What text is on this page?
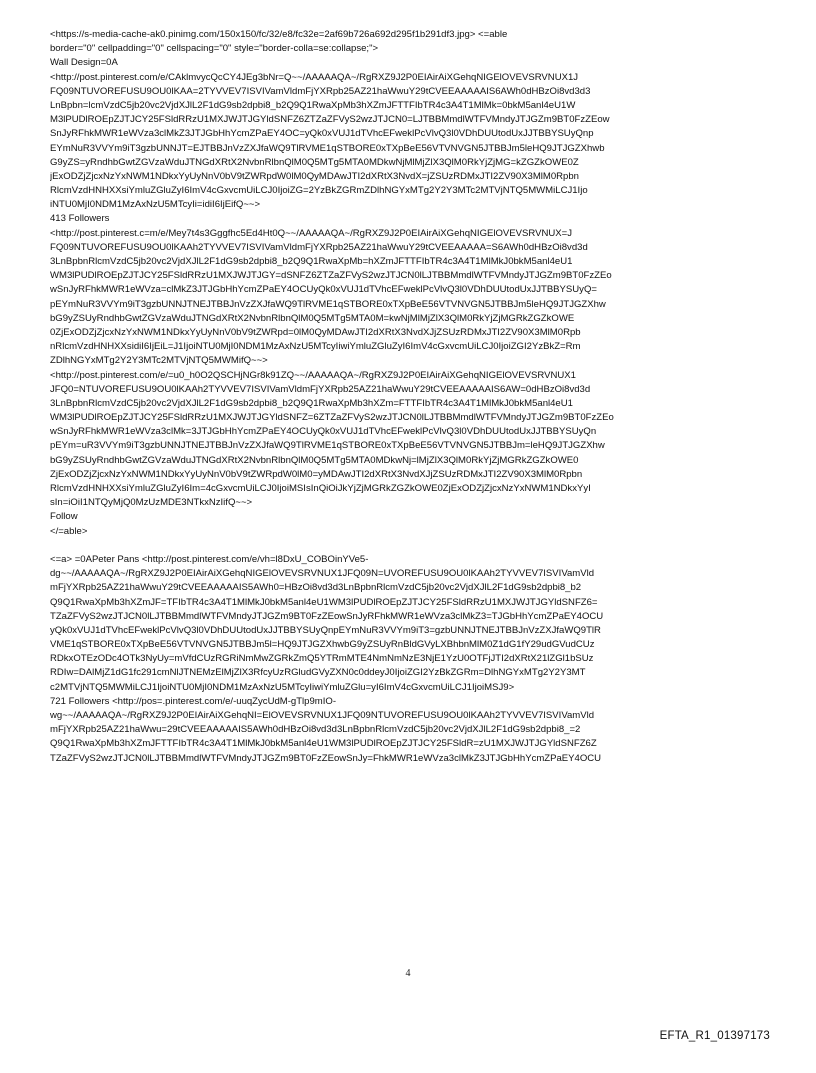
<https://s-media-cache-ak0.pinimg.com/150x150/fc/32/e8/fc32e=2af69b726a692d295f1b291df3.jpg> <=able
border="0" cellpadding="0" cellspacing="0" style="border-colla=se:collapse;">
Wall Design=0A
<http://post.pinterest.com/e/CAklmvycQcCY4JEg3bNr=Q~~/AAAAAQA~/RgRXZ9J2P0EIAirAiXGehqNIGElOVEVSRVNUX1J
FQ09NTUVOREFUSU9OU0lKAA=2TYVVEV7ISVIVamVldmFjYXRpb25AZ21haWwuY29tCVEEAAAAAIS6AWh0dHBzOi8vd3d3
LnBpbn=lcmVzdC5jb20vc2VjdXJlL2F1dG9sb2dpbi8_b2Q9Q1RwaXpMb3hXZmJFTTFIbTR4c3A4T1MlMk=0bkM5anl4eU1W
M3lPUDlROEpZJTJCY25FSldRRzU1MXJWJTJGYldSNFZ6ZTZaZFVyS2wzJTJCN0=LJTBBMmdlWTFVMndyJTJGZm9BT0FzZEow
SnJyRFhkMWR1eWVza3clMkZ3JTJGbHhYcmZPaEY4OC=yQk0xVUJ1dTVhcEFweklPcVlvQ3l0VDhDUUtodUxJJTBBYSUyQnp
EYmNuR3VVYm9iT3gzbUNNJT=EJTBBJnVzZXJfaWQ9TlRVME1qSTBORE0xTXpBeE56VTVNVGN5JTBBJm5leHQ9JTJGZXhwb
G9yZS=yRndhbGwtZGVzaWduJTNGdXRtX2NvbnRlbnQlM0Q5MTg5MTA0MDkwNjMlMjZlX3QlM0RkYjZjMG=kZGZkOWE0Z
jExODZjZjcxNzYxNWM1NDkxYyUyNnV0bV9tZWRpdW0lM0QyMDAwJTI2dXRtX3NvdX=jZSUzRDMxJTI2ZV90X3MlM0Rpbn
RlcmVzdHNHXXsiYmluZGluZyI6ImV4cGxvcmUiLCJ0IjoiZG=2YzBkZGRmZDlhNGYxMTg2Y2Y3MTc2MTVjNTQ5MWMiLCJ1Ijo
iNTU0MjI0NDM1MzAxNzU5MTcyIi=idiI6IjEifQ~~>
413 Followers
<http://post.pinterest.c=m/e/Mey7t4s3Gggfhc5Ed4Ht0Q~~/AAAAAQA~/RgRXZ9J2P0EIAirAiXGehqNIGElOVEVSRVNUX=J
FQ09NTUVOREFUSU9OU0lKAAh2TYVVEV7ISVIVamVldmFjYXRpb25AZ21haWwuY29tCVEEAAAAA=S6AWh0dHBzOi8vd3d
3LnBpbnRlcmVzdC5jb20vc2VjdXJlL2F1dG9sb2dpbi8_b2Q9Q1RwaXpMb=hXZmJFTTFIbTR4c3A4T1MlMkJ0bkM5anl4eU1
WM3lPUDlROEpZJTJCY25FSldRRzU1MXJWJTJGY=dSNFZ6ZTZaZFVyS2wzJTJCN0lLJTBBMmdlWTFVMndyJTJGZm9BT0FzZEo
wSnJyRFhkMWR1eWVza=clMkZ3JTJGbHhYcmZPaEY4OCUyQk0xVUJ1dTVhcEFweklPcVlvQ3l0VDhDUUtodUxJJTBBYSUyQ=
pEYmNuR3VVYm9iT3gzbUNNJTNEJTBBJnVzZXJfaWQ9TlRVME1qSTBORE0xTXpBeE56VTVNVGN5JTBBJm5leHQ9JTJGZXhw
bG9yZSUyRndhbGwtZGVzaWduJTNGdXRtX2NvbnRlbnQlM0Q5MTg5MTA0M=kwNjMlMjZlX3QlM0RkYjZjMGRkZGZkOWE
0ZjExODZjZjcxNzYxNWM1NDkxYyUyNnV0bV9tZWRpd=0lM0QyMDAwJTI2dXRtX3NvdXJjZSUzRDMxJTI2ZV90X3MlM0Rpb
nRlcmVzdHNHXXsidiI6IjEiL=J1IjoiNTU0MjI0NDM1MzAxNzU5MTcyIiwiYmluZGluZyI6ImV4cGxvcmUiLCJ0IjoiZGI2YzBkZ=Rm
ZDlhNGYxMTg2Y2Y3MTc2MTVjNTQ5MWMifQ~~>
<http://post.pinterest.com/e/=u0_h0O2QSCHjNGr8k91ZQ~~/AAAAAQA~/RgRXZ9J2P0EIAirAiXGehqNIGElOVEVSRVNUX1
JFQ0=NTUVOREFUSU9OU0lKAAh2TYVVEV7ISVIVamVldmFjYXRpb25AZ21haWwuY29tCVEEAAAAAIS6AW=0dHBzOi8vd3d
3LnBpbnRlcmVzdC5jb20vc2VjdXJlL2F1dG9sb2dpbi8_b2Q9Q1RwaXpMb3hXZm=FTTFIbTR4c3A4T1MlMkJ0bkM5anl4eU1
WM3lPUDlROEpZJTJCY25FSldRRzU1MXJWJTJGYldSNFZ=6ZTZaZFVyS2wzJTJCN0lLJTBBMmdlWTFVMndyJTJGZm9BT0FzZEo
wSnJyRFhkMWR1eWVza3clMk=3JTJGbHhYcmZPaEY4OCUyQk0xVUJ1dTVhcEFweklPcVlvQ3l0VDhDUUtodUxJJTBBYSUyQn
pEYm=uR3VVYm9iT3gzbUNNJTNEJTBBJnVzZXJfaWQ9TlRVME1qSTBORE0xTXpBeE56VTVNVGN5JTBBJm=leHQ9JTJGZXhw
bG9yZSUyRndhbGwtZGVzaWduJTNGdXRtX2NvbnRlbnQlM0Q5MTg5MTA0MDkwNj=lMjZlX3QlM0RkYjZjMGRkZGZkOWE0
ZjExODZjZjcxNzYxNWM1NDkxYyUyNnV0bV9tZWRpdW0lM0=yMDAwJTI2dXRtX3NvdXJjZSUzRDMxJTI2ZV90X3MlM0Rpbn
RlcmVzdHNHXXsiYmluZGluZyI6Im=4cGxvcmUiLCJ0IjoiMSIsInQiOiJkYjZjMGRkZGZkOWE0ZjExODZjZjcxNzYxNWM1NDkxYyI
sIn=iOiI1NTQyMjQ0MzUzMDE3NTkxNzIifQ~~>
Follow
</=able>
<=a> =0APeter Pans <http://post.pinterest.com/e/vh=l8DxU_COBOinYVe5-
dg~~/AAAAAQA~/RgRXZ9J2P0EIAirAiXGehqNIGElOVEVSRVNUX1JFQ09N=UVOREFUSU9OU0lKAAh2TYVVEV7ISVIVamVld
mFjYXRpb25AZ21haWwuY29tCVEEAAAAAIS5AWh0=HBzOi8vd3d3LnBpbnRlcmVzdC5jb20vc2VjdXJlL2F1dG9sb2dpbi8_b2
Q9Q1RwaXpMb3hXZmJF=TFIbTR4c3A4T1MlMkJ0bkM5anl4eU1WM3lPUDlROEpZJTJCY25FSldRRzU1MXJWJTJGYldSNFZ6=
TZaZFVyS2wzJTJCN0lLJTBBMmdlWTFVMndyJTJGZm9BT0FzZEowSnJyRFhkMWR1eWVza3clMkZ3=TJGbHhYcmZPaEY4OCU
yQk0xVUJ1dTVhcEFweklPcVlvQ3l0VDhDUUtodUxJJTBBYSUyQnpEYmNuR3VVYm9iT3=gzbUNNJTNEJTBBJnVzZXJfaWQ9TlR
VME1qSTBORE0xTXpBeE56VTVNVGN5JTBBJm5l=HQ9JTJGZXhwbG9yZSUyRnBldGVyLXBhbnMlM0Z1dG1fY29udGVudCUz
RDkxOTEzODc4OTk3NyUy=mVfdCUzRGRiNmMwZGRkZmQ5YTRmMTE4NmNmNzE3NjE1YzU0OTFjJTI2dXRtX21lZGl1bSUz
RDIw=DAlMjZ1dG1fc291cmNlJTNEMzElMjZlX3RfcyUzRGludGVyZXN0c0ddeyJ0IjoiZGI2YzBkZGRm=DlhNGYxMTg2Y2Y3MT
c2MTVjNTQ5MWMiLCJ1IjoiNTU0MjI0NDM1MzAxNzU5MTcyIiwiYmluZGlu=yI6ImV4cGxvcmUiLCJ1IjoiMSJ9>
721 Followers <http://pos=.pinterest.com/e/-uuqZycUdM-gTlp9mIO-
wg~~/AAAAAQA~/RgRXZ9J2P0EIAirAiXGehqNI=ElOVEVSRVNUX1JFQ09NTUVOREFUSU9OU0lKAAh2TYVVEV7ISVIVamVld
mFjYXRpb25AZ21haWwu=29tCVEEAAAAAIS5AWh0dHBzOi8vd3d3LnBpbnRlcmVzdC5jb20vc2VjdXJlL2F1dG9sb2dpbi8_=2
Q9Q1RwaXpMb3hXZmJFTTFIbTR4c3A4T1MlMkJ0bkM5anl4eU1WM3lPUDlROEpZJTJCY25FSldR=zU1MXJWJTJGYldSNFZ6Z
TZaZFVyS2wzJTJCN0lLJTBBMmdlWTFVMndyJTJGZm9BT0FzZEowSnJy=FhkMWR1eWVza3clMkZ3JTJGbHhYcmZPaEY4OCU
4
EFTA_R1_01397173
